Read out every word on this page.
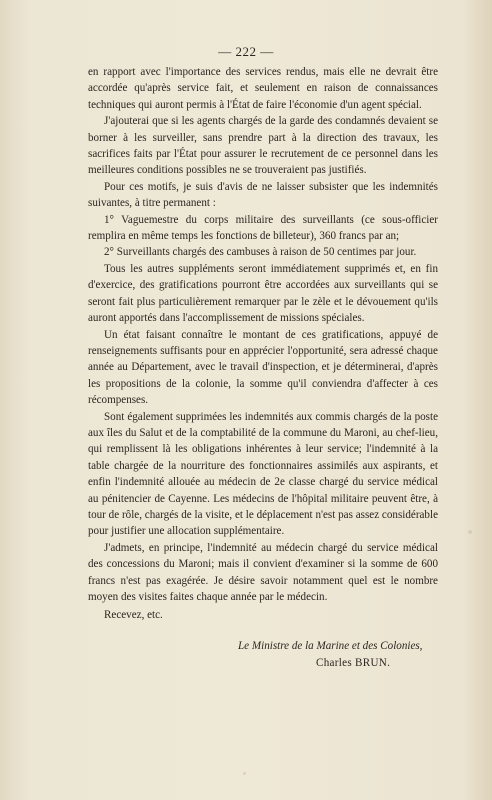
— 222 —

en rapport avec l'importance des services rendus, mais elle ne devrait être accordée qu'après service fait, et seulement en raison de connaissances techniques qui auront permis à l'État de faire l'économie d'un agent spécial.

J'ajouterai que si les agents chargés de la garde des condamnés devaient se borner à les surveiller, sans prendre part à la direction des travaux, les sacrifices faits par l'État pour assurer le recrutement de ce personnel dans les meilleures conditions possibles ne se trouveraient pas justifiés.

Pour ces motifs, je suis d'avis de ne laisser subsister que les indemnités suivantes, à titre permanent :

1° Vaguemestre du corps militaire des surveillants (ce sous-officier remplira en même temps les fonctions de billeteur), 360 francs par an;

2° Surveillants chargés des cambuses à raison de 50 centimes par jour.

Tous les autres suppléments seront immédiatement supprimés et, en fin d'exercice, des gratifications pourront être accordées aux surveillants qui se seront fait plus particulièrement remarquer par le zèle et le dévouement qu'ils auront apportés dans l'accomplissement de missions spéciales.

Un état faisant connaître le montant de ces gratifications, appuyé de renseignements suffisants pour en apprécier l'opportunité, sera adressé chaque année au Département, avec le travail d'inspection, et je déterminerai, d'après les propositions de la colonie, la somme qu'il conviendra d'affecter à ces récompenses.

Sont également supprimées les indemnités aux commis chargés de la poste aux îles du Salut et de la comptabilité de la commune du Maroni, au chef-lieu, qui remplissent là les obligations inhérentes à leur service; l'indemnité à la table chargée de la nourriture des fonctionnaires assimilés aux aspirants, et enfin l'indemnité allouée au médecin de 2e classe chargé du service médical au pénitencier de Cayenne. Les médecins de l'hôpital militaire peuvent être, à tour de rôle, chargés de la visite, et le déplacement n'est pas assez considérable pour justifier une allocation supplémentaire.

J'admets, en principe, l'indemnité au médecin chargé du service médical des concessions du Maroni; mais il convient d'examiner si la somme de 600 francs n'est pas exagérée. Je désire savoir notamment quel est le nombre moyen des visites faites chaque année par le médecin.

Recevez, etc.

Le Ministre de la Marine et des Colonies,
Charles BRUN.
